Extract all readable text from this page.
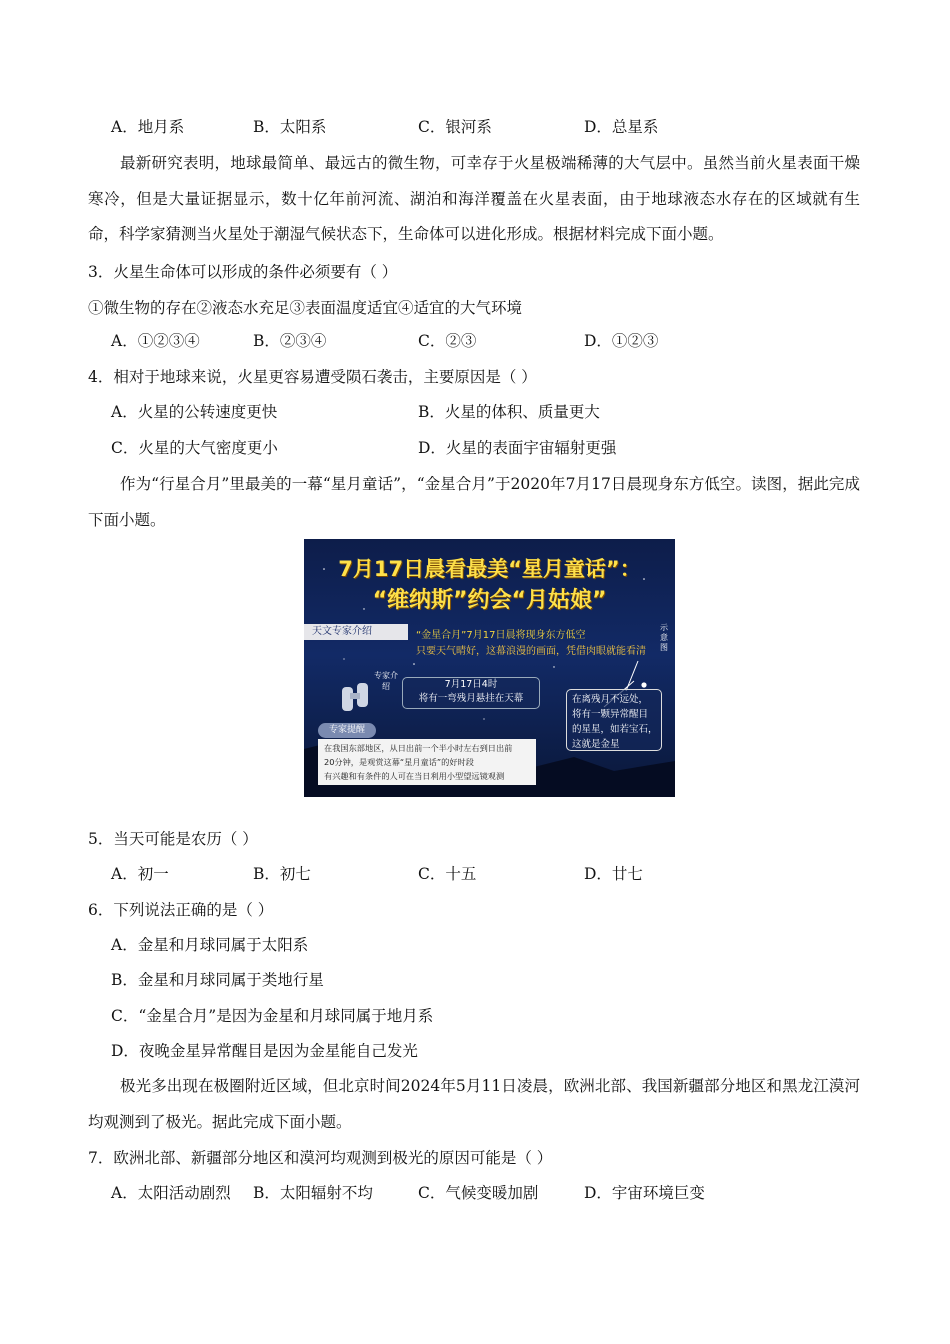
A．地月系	B．太阳系	C．银河系	D．总星系
最新研究表明，地球最简单、最远古的微生物，可幸存于火星极端稀薄的大气层中。虽然当前火星表面干燥寒冷，但是大量证据显示，数十亿年前河流、湖泊和海洋覆盖在火星表面，由于地球液态水存在的区域就有生命，科学家猜测当火星处于潮湿气候状态下，生命体可以进化形成。根据材料完成下面小题。
3．火星生命体可以形成的条件必须要有（ ）
①微生物的存在②液态水充足③表面温度适宜④适宜的大气环境
A．①②③④	B．②③④	C．②③	D．①②③
4．相对于地球来说，火星更容易遭受陨石袭击，主要原因是（ ）
A．火星的公转速度更快	B．火星的体积、质量更大
C．火星的大气密度更小	D．火星的表面宇宙辐射更强
作为“行星合月”里最美的一幕“星月童话”，“金星合月”于2020年7月17日晨现身东方低空。读图，据此完成下面小题。
7月17日晨看最美“星月童话”：
“维纳斯”约会“月姑娘”
天文专家介绍	“金星合月”7月17日晨将现身东方低空
只要天气晴好，这幕浪漫的画面，凭借肉眼就能看清
示意图
专家介绍	7月17日4时
将有一弯残月悬挂在天幕	在离残月不远处，
将有一颗异常醒目
的星星，如若宝石，
这就是金星
专家提醒
在我国东部地区，从日出前一个半小时左右到日出前
20分钟，是观赏这幕“星月童话”的好时段
有兴趣和有条件的人可在当日利用小型望远镜观测
5．当天可能是农历（ ）
A．初一	B．初七	C．十五	D．廿七
6．下列说法正确的是（ ）
A．金星和月球同属于太阳系
B．金星和月球同属于类地行星
C．“金星合月”是因为金星和月球同属于地月系
D．夜晚金星异常醒目是因为金星能自己发光
极光多出现在极圈附近区域，但北京时间2024年5月11日凌晨，欧洲北部、我国新疆部分地区和黑龙江漠河均观测到了极光。据此完成下面小题。
7．欧洲北部、新疆部分地区和漠河均观测到极光的原因可能是（ ）
A．太阳活动剧烈 B．太阳辐射不均	C．气候变暖加剧	D．宇宙环境巨变
